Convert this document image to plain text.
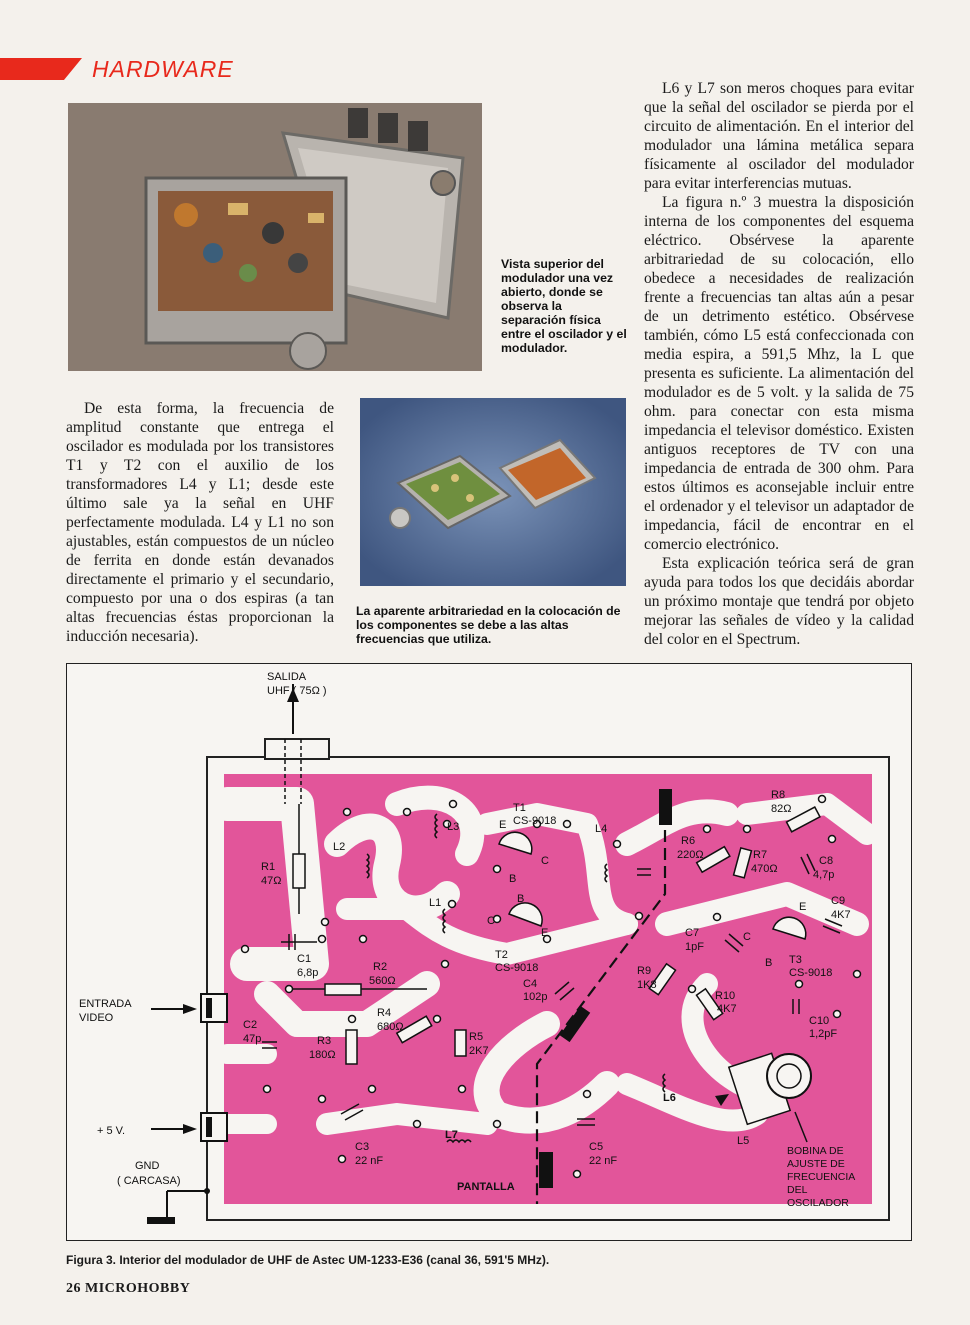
HARDWARE
Vista superior del modulador una vez abierto, donde se observa la separación física entre el oscilador y el modulador.
La aparente arbitrariedad en la colocación de los componentes se debe a las altas frecuencias que utiliza.

De esta forma, la frecuencia de amplitud constante que entrega el oscilador es modulada por los transistores T1 y T2 con el auxilio de los transformadores L4 y L1; desde este último sale ya la señal en UHF perfectamente modulada. L4 y L1 no son ajustables, están compuestos de un núcleo de ferrita en donde están devanados directamente el primario y el secundario, compuesto por una o dos espiras (a tan altas frecuencias éstas proporcionan la inducción necesaria).

L6 y L7 son meros choques para evitar que la señal del oscilador se pierda por el circuito de alimentación. En el interior del modulador una lámina metálica separa físicamente al oscilador del modulador para evitar interferencias mutuas.

La figura n.º 3 muestra la disposición interna de los componentes del esquema eléctrico. Obsérvese la aparente arbitrariedad de su colocación, ello obedece a necesidades de realización frente a frecuencias tan altas aún a pesar de un detrimento estético. Obsérvese también, cómo L5 está confeccionada con media espira, a 591,5 Mhz, la L que presenta es suficiente. La alimentación del modulador es de 5 volt. y la salida de 75 ohm. para conectar con esta misma impedancia el televisor doméstico. Existen antiguos receptores de TV con una impedancia de entrada de 300 ohm. Para estos últimos es aconsejable incluir entre el ordenador y el televisor un adaptador de impedancia, fácil de encontrar en el comercio electrónico.

Esta explicación teórica será de gran ayuda para todos los que decidáis abordar un próximo montaje que tendrá por objeto mejorar las señales de vídeo y la calidad del color en el Spectrum.

SALIDA
UHF ( 75Ω )
ENTRADA
VIDEO
+ 5 V.
GND
( CARCASA)	PANTALLA
BOBINA DE
AJUSTE DE
FRECUENCIA
DEL
OSCILADOR
R1
47Ω
L2
L3
L1
L4
L5
L6
L7
T1
CS-9018
T2
CS-9018
T3
CS-9018
C1
6,8p
C2
47p
C3
22 nF
C4
102p
C5
22 nF
C7
1pF
C8
4,7p
C9
4K7
C10
1,2pF
R2
560Ω
R3
180Ω
R4
680Ω
R5
2K7
R6
220Ω	R7
470Ω
R8
82Ω
R9
1K8
R10
4K7
E
C
B
B
C
E
E
C
B
Figura 3. Interior del modulador de UHF de Astec UM-1233-E36 (canal 36, 591'5 MHz).
26 MICROHOBBY
